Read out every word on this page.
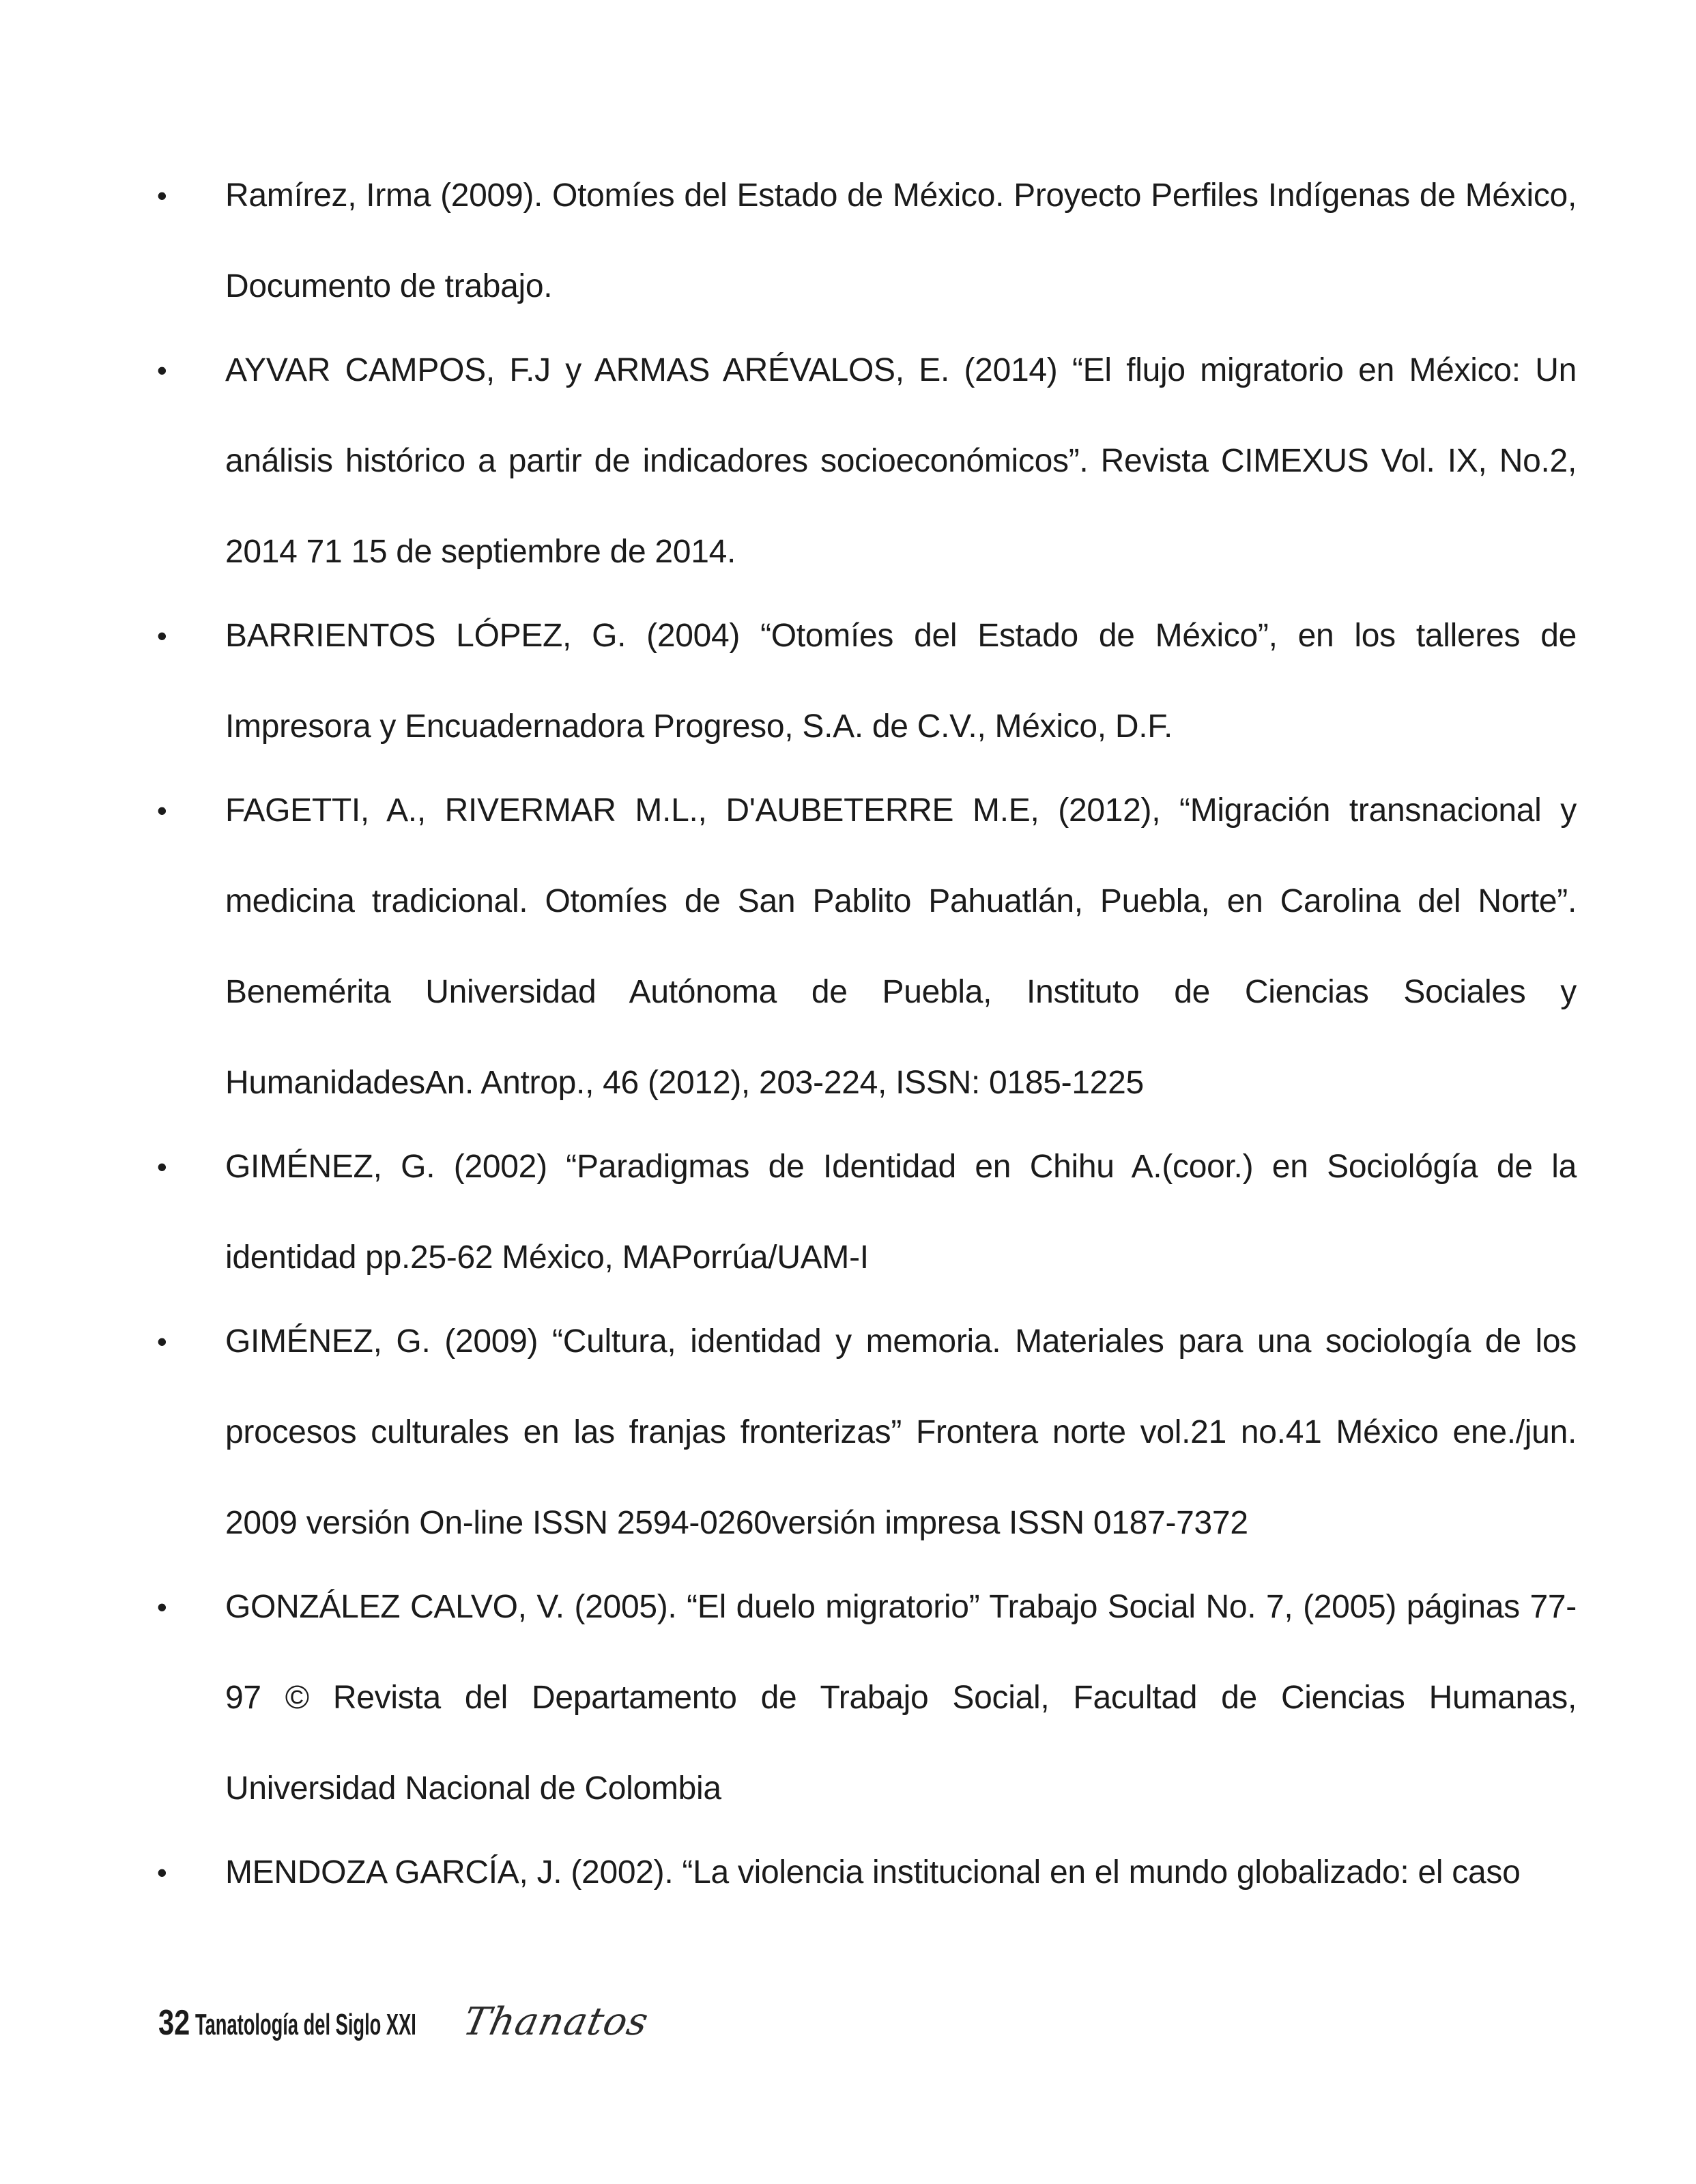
•	Ramírez, Irma (2009). Otomíes del Estado de México. Proyecto Perfiles Indígenas de México, Documento de trabajo.
•	AYVAR CAMPOS, F.J y ARMAS ARÉVALOS, E. (2014) “El flujo migratorio en México: Un análisis histórico a partir de indicadores socioeconómicos”. Revista CIMEXUS Vol. IX, No.2, 2014 71 15 de septiembre de 2014.
•	BARRIENTOS LÓPEZ, G. (2004) “Otomíes del Estado de México”, en los talleres de Impresora y Encuadernadora Progreso, S.A. de C.V., México, D.F.
•	FAGETTI, A., RIVERMAR M.L., D'AUBETERRE M.E, (2012), “Migración transnacional y medicina tradicional. Otomíes de San Pablito Pahuatlán, Puebla, en Carolina del Norte”. Benemérita Universidad Autónoma de Puebla, Instituto de Ciencias Sociales y HumanidadesAn. Antrop., 46 (2012), 203-224, ISSN: 0185-1225
•	GIMÉNEZ, G. (2002) “Paradigmas de Identidad en Chihu A.(coor.) en Sociológía de la identidad pp.25-62 México, MAPorrúa/UAM-I
•	GIMÉNEZ, G. (2009) “Cultura, identidad y memoria. Materiales para una sociología de los procesos culturales en las franjas fronterizas” Frontera norte vol.21 no.41 México ene./jun. 2009 versión On-line ISSN 2594-0260versión impresa ISSN 0187-7372
•	GONZÁLEZ CALVO, V. (2005). “El duelo migratorio” Trabajo Social No. 7, (2005) páginas 77-97 © Revista del Departamento de Trabajo Social, Facultad de Ciencias Humanas, Universidad Nacional de Colombia
•	MENDOZA GARCÍA, J. (2002). “La violencia institucional en el mundo globalizado: el caso
32 Tanatología del Siglo XXI Thanatos
